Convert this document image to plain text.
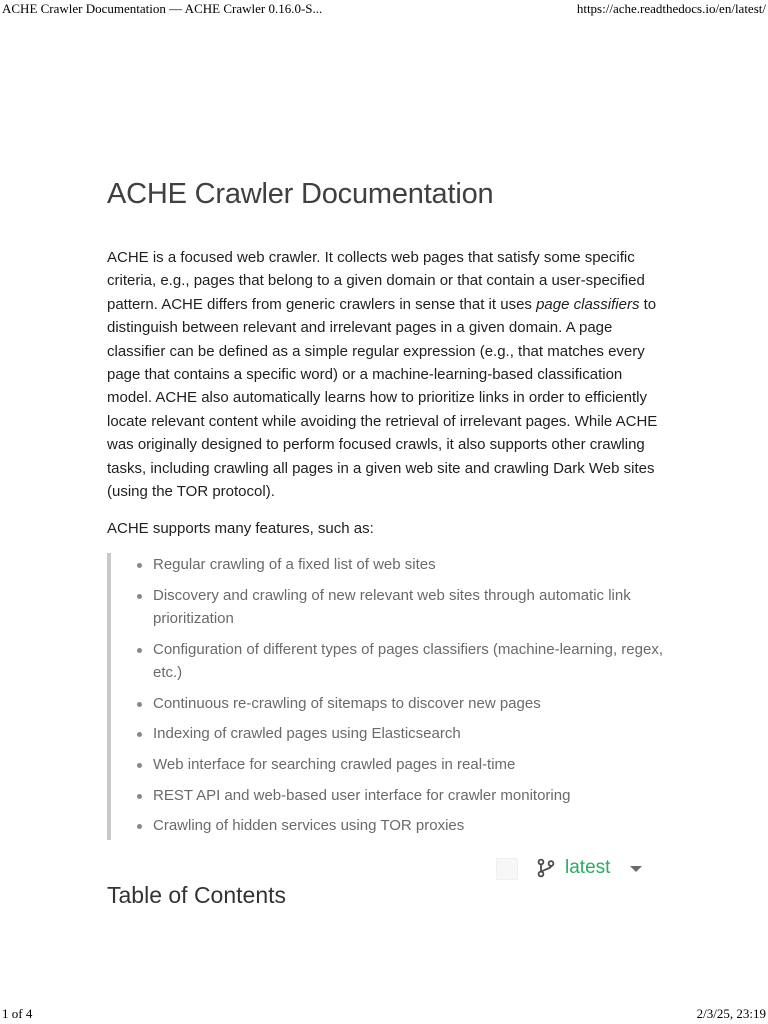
ACHE Crawler Documentation — ACHE Crawler 0.16.0-S...	https://ache.readthedocs.io/en/latest/
ACHE Crawler Documentation

ACHE is a focused web crawler. It collects web pages that satisfy some specific criteria, e.g., pages that belong to a given domain or that contain a user-specified pattern. ACHE differs from generic crawlers in sense that it uses page classifiers to distinguish between relevant and irrelevant pages in a given domain. A page classifier can be defined as a simple regular expression (e.g., that matches every page that contains a specific word) or a machine-learning-based classification model. ACHE also automatically learns how to prioritize links in order to efficiently locate relevant content while avoiding the retrieval of irrelevant pages. While ACHE was originally designed to perform focused crawls, it also supports other crawling tasks, including crawling all pages in a given web site and crawling Dark Web sites (using the TOR protocol).

ACHE supports many features, such as:

Regular crawling of a fixed list of web sites
Discovery and crawling of new relevant web sites through automatic link prioritization
Configuration of different types of pages classifiers (machine-learning, regex, etc.)
Continuous re-crawling of sitemaps to discover new pages
Indexing of crawled pages using Elasticsearch
Web interface for searching crawled pages in real-time
REST API and web-based user interface for crawler monitoring
Crawling of hidden services using TOR proxies
latest
Table of Contents
1 of 4	2/3/25, 23:19
